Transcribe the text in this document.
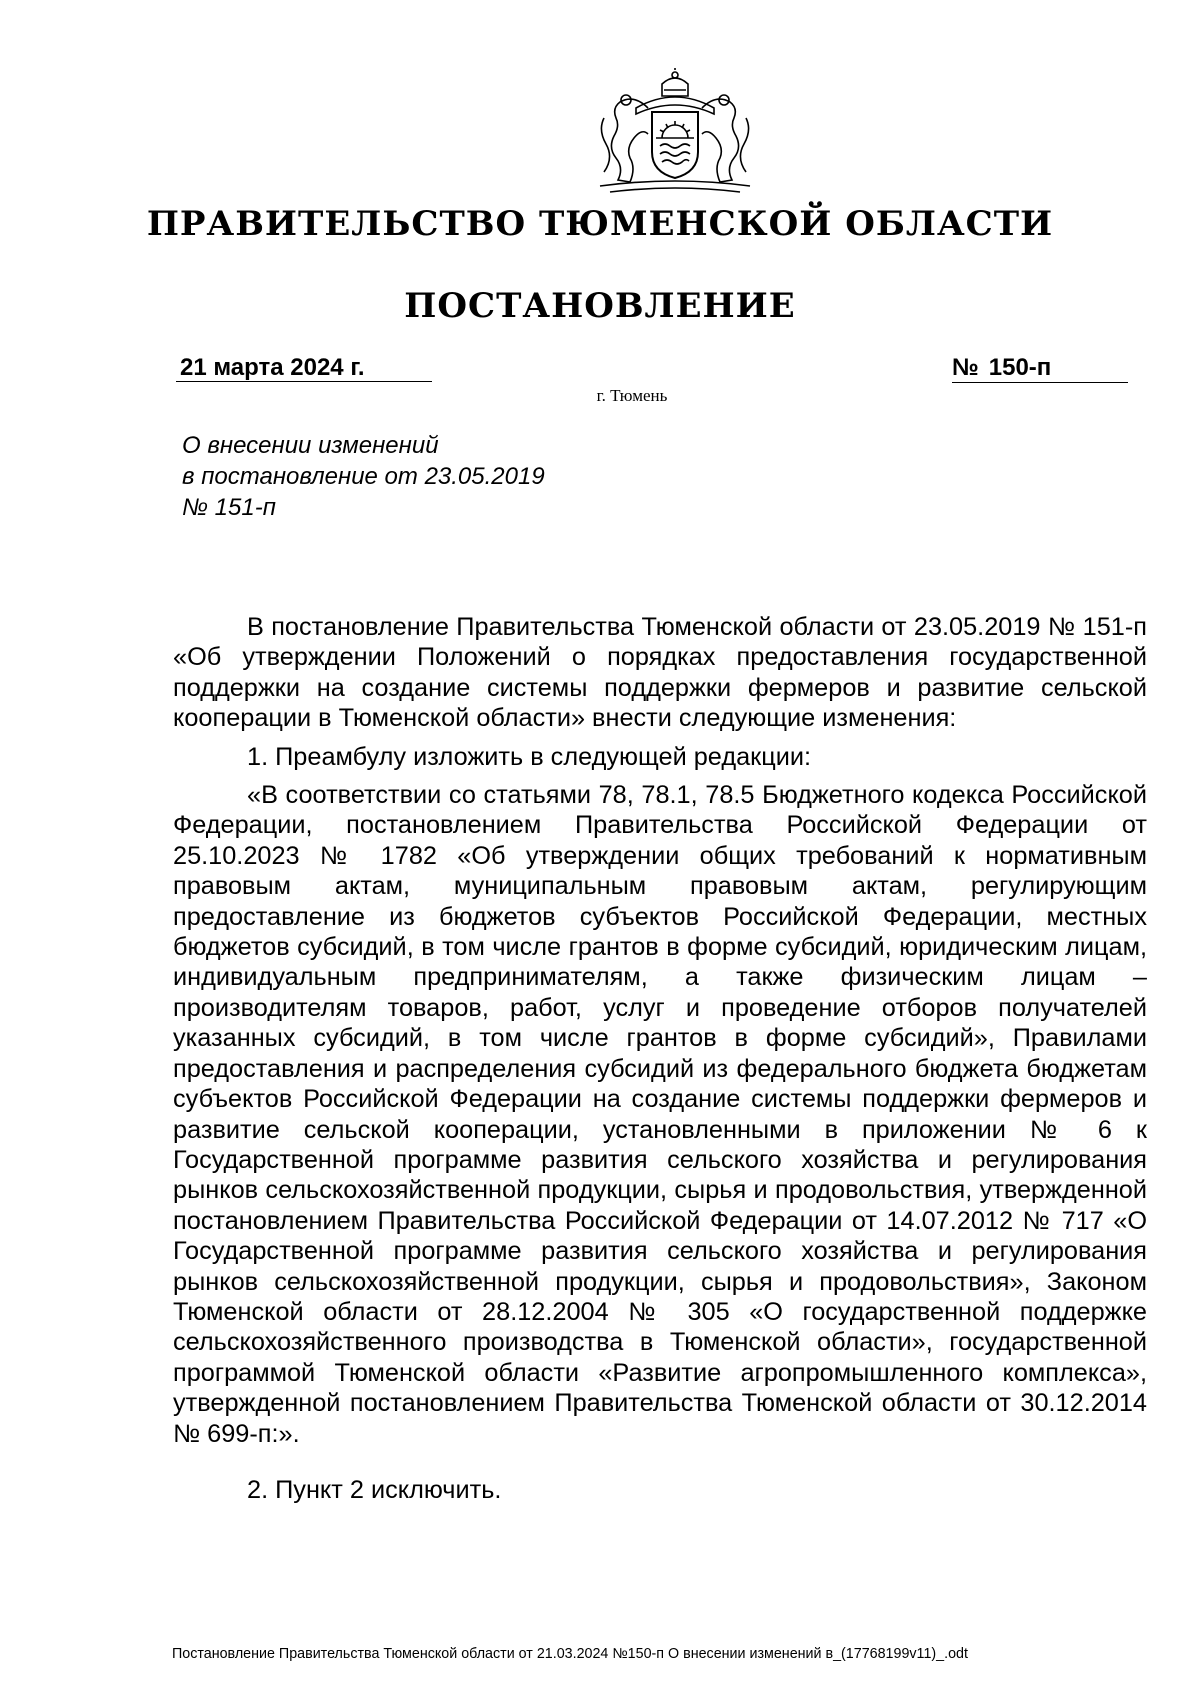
ПРАВИТЕЛЬСТВО ТЮМЕНСКОЙ ОБЛАСТИ
ПОСТАНОВЛЕНИЕ
21 марта 2024 г.	№ 150-п
г. Тюмень
О внесении изменений
в постановление от 23.05.2019
№ 151-п

В постановление Правительства Тюменской области от 23.05.2019 № 151-п «Об утверждении Положений о порядках предоставления государственной поддержки на создание системы поддержки фермеров и развитие сельской кооперации в Тюменской области» внести следующие изменения:

1. Преамбулу изложить в следующей редакции:

«В соответствии со статьями 78, 78.1, 78.5 Бюджетного кодекса Российской Федерации, постановлением Правительства Российской Федерации от 25.10.2023 № 1782 «Об утверждении общих требований к нормативным правовым актам, муниципальным правовым актам, регулирующим предоставление из бюджетов субъектов Российской Федерации, местных бюджетов субсидий, в том числе грантов в форме субсидий, юридическим лицам, индивидуальным предпринимателям, а также физическим лицам – производителям товаров, работ, услуг и проведение отборов получателей указанных субсидий, в том числе грантов в форме субсидий», Правилами предоставления и распределения субсидий из федерального бюджета бюджетам субъектов Российской Федерации на создание системы поддержки фермеров и развитие сельской кооперации, установленными в приложении № 6 к Государственной программе развития сельского хозяйства и регулирования рынков сельскохозяйственной продукции, сырья и продовольствия, утвержденной постановлением Правительства Российской Федерации от 14.07.2012 № 717 «О Государственной программе развития сельского хозяйства и регулирования рынков сельскохозяйственной продукции, сырья и продовольствия», Законом Тюменской области от 28.12.2004 № 305 «О государственной поддержке сельскохозяйственного производства в Тюменской области», государственной программой Тюменской области «Развитие агропромышленного комплекса», утвержденной постановлением Правительства Тюменской области от 30.12.2014 № 699-п:».

2. Пункт 2 исключить.

Постановление Правительства Тюменской области от 21.03.2024 №150-п О внесении изменений в_(17768199v11)_.odt
